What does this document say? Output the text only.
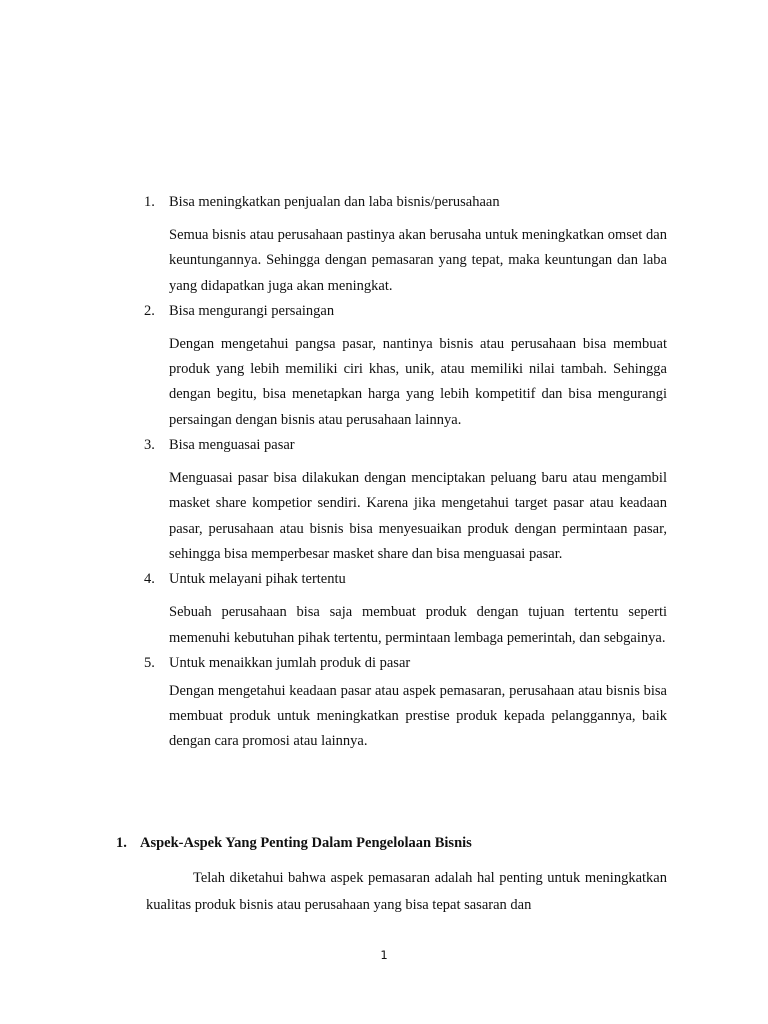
1. Bisa meningkatkan penjualan dan laba bisnis/perusahaan
Semua bisnis atau perusahaan pastinya akan berusaha untuk meningkatkan omset dan keuntungannya. Sehingga dengan pemasaran yang tepat, maka keuntungan dan laba yang didapatkan juga akan meningkat.
2. Bisa mengurangi persaingan
Dengan mengetahui pangsa pasar, nantinya bisnis atau perusahaan bisa membuat produk yang lebih memiliki ciri khas, unik, atau memiliki nilai tambah. Sehingga dengan begitu, bisa menetapkan harga yang lebih kompetitif dan bisa mengurangi persaingan dengan bisnis atau perusahaan lainnya.
3. Bisa menguasai pasar
Menguasai pasar bisa dilakukan dengan menciptakan peluang baru atau mengambil masket share kompetior sendiri. Karena jika mengetahui target pasar atau keadaan pasar, perusahaan atau bisnis bisa menyesuaikan produk dengan permintaan pasar, sehingga bisa memperbesar masket share dan bisa menguasai pasar.
4. Untuk melayani pihak tertentu
Sebuah perusahaan bisa saja membuat produk dengan tujuan tertentu seperti memenuhi kebutuhan pihak tertentu, permintaan lembaga pemerintah, dan sebgainya.
5. Untuk menaikkan jumlah produk di pasar
Dengan mengetahui keadaan pasar atau aspek pemasaran, perusahaan atau bisnis bisa membuat produk untuk meningkatkan prestise produk kepada pelanggannya, baik dengan cara promosi atau lainnya.
1. Aspek-Aspek Yang Penting Dalam Pengelolaan Bisnis
Telah diketahui bahwa aspek pemasaran adalah hal penting untuk meningkatkan kualitas produk bisnis atau perusahaan yang bisa tepat sasaran dan
1
